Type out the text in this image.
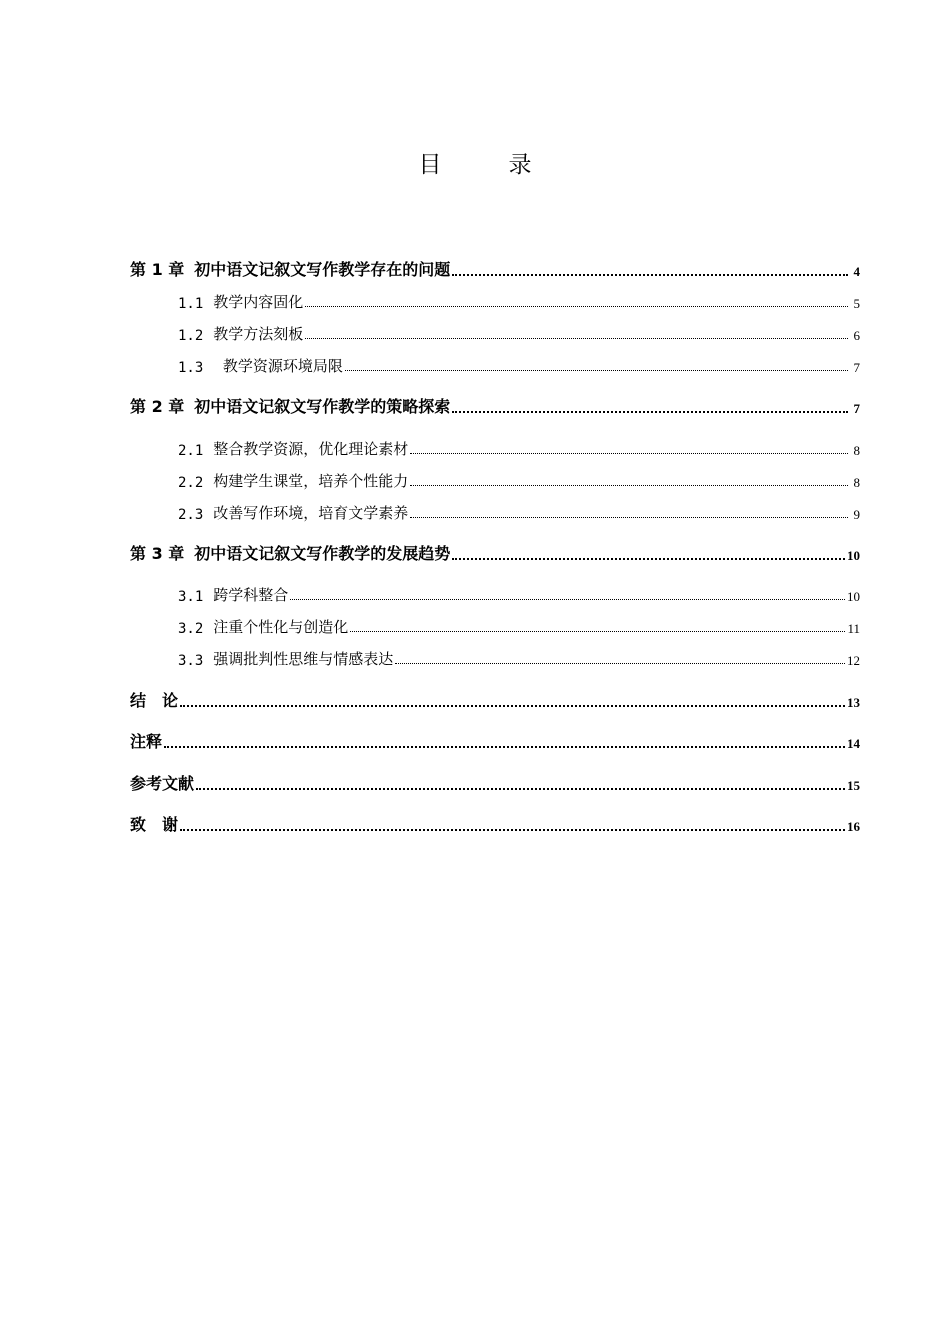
目　录
第 1 章 初中语文记叙文写作教学存在的问题	4
1.1 教学内容固化	5
1.2 教学方法刻板	6
1.3 教学资源环境局限	7
第 2 章 初中语文记叙文写作教学的策略探索	7
2.1 整合教学资源，优化理论素材	8
2.2 构建学生课堂，培养个性能力	8
2.3 改善写作环境，培育文学素养	9
第 3 章 初中语文记叙文写作教学的发展趋势	10
3.1 跨学科整合	10
3.2 注重个性化与创造化	11
3.3 强调批判性思维与情感表达	12
结　论	13
注释	14
参考文献	15
致　谢	16
